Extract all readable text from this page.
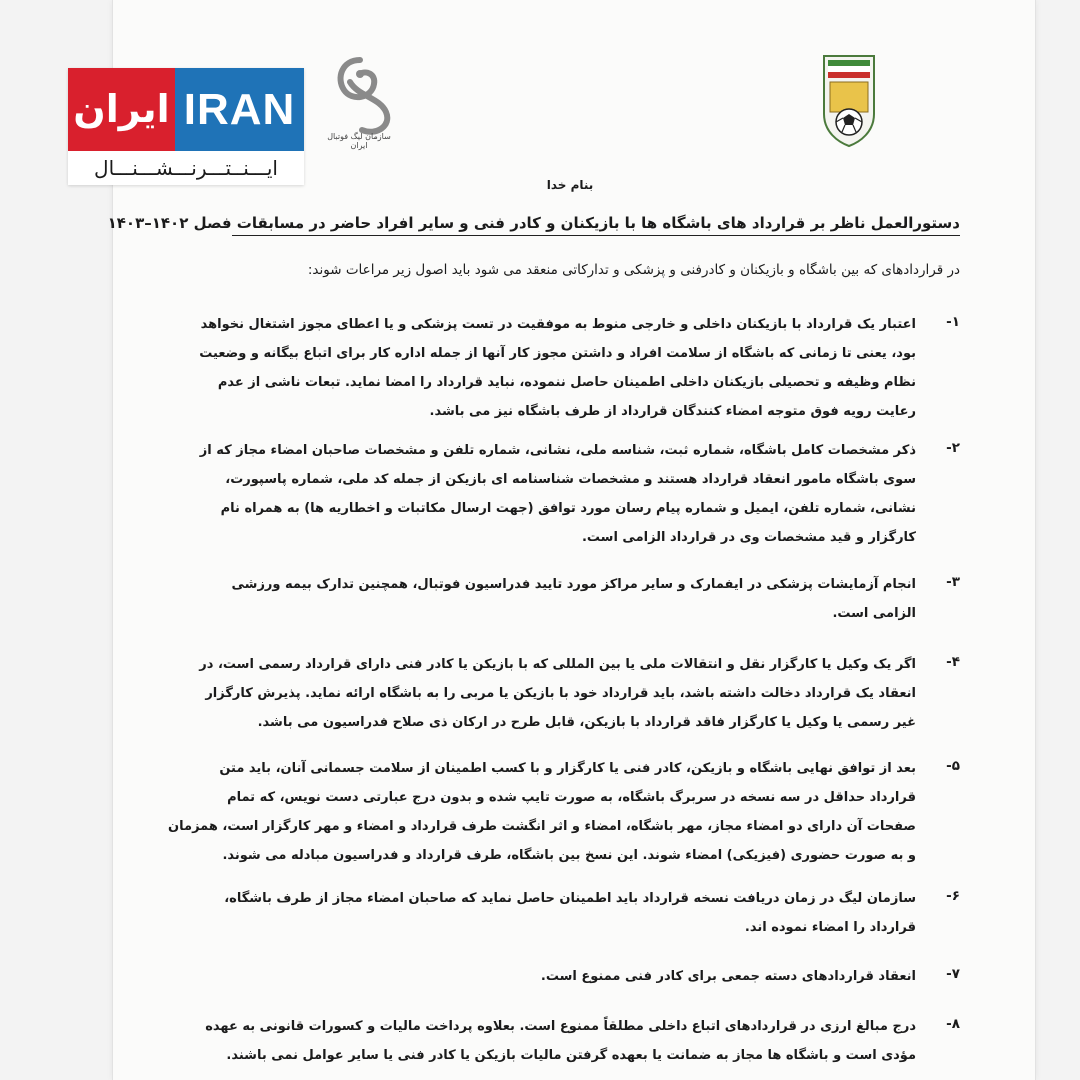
ایران IRAN
ایـــنــتـــرنـــشـــنـــال
سازمان لیگ فوتبال ایران
بنام خدا
دستورالعمل ناظر بر قرارداد های باشگاه ها با بازیکنان و کادر فنی و سایر افراد حاضر در مسابقات فصل ۱۴۰۲–۱۴۰۳
در قراردادهای که بین باشگاه و بازیکنان و کادرفنی و پزشکی و تدارکاتی منعقد می شود باید اصول زیر مراعات شوند:
۱-
اعتبار یک قرارداد با بازیکنان داخلی و خارجی منوط به موفقیت در تست پزشکی و یا اعطای مجوز اشتغال نخواهد
بود، یعنی تا زمانی که باشگاه از سلامت افراد و داشتن مجوز کار آنها از جمله اداره کار برای اتباع بیگانه و وضعیت
نظام وظیفه و تحصیلی بازیکنان داخلی اطمینان حاصل ننموده، نباید قرارداد را امضا نماید. تبعات ناشی از عدم
رعایت رویه فوق متوجه امضاء کنندگان قرارداد از طرف باشگاه نیز می باشد.
۲-
ذکر مشخصات کامل باشگاه، شماره ثبت، شناسه ملی، نشانی، شماره تلفن و مشخصات صاحبان امضاء مجاز که از
سوی باشگاه مامور انعقاد قرارداد هستند و مشخصات شناسنامه ای بازیکن از جمله کد ملی، شماره پاسپورت،
نشانی، شماره تلفن، ایمیل و شماره پیام رسان مورد توافق (جهت ارسال مکاتبات و اخطاریه ها) به همراه نام
کارگزار و قید مشخصات وی در قرارداد الزامی است.
۳-
انجام آزمایشات پزشکی در ایفمارک و سایر مراکز مورد تایید فدراسیون فوتبال، همچنین تدارک بیمه ورزشی
الزامی است.
۴-
اگر یک وکیل یا کارگزار نقل و انتقالات ملی یا بین المللی که با بازیکن یا کادر فنی دارای قرارداد رسمی است، در
انعقاد یک قرارداد دخالت داشته باشد، باید قرارداد خود با بازیکن یا مربی را به باشگاه ارائه نماید. پذیرش کارگزار
غیر رسمی یا وکیل یا کارگزار فاقد قرارداد با بازیکن، قابل طرح در ارکان ذی صلاح فدراسیون می باشد.
۵-
بعد از توافق نهایی باشگاه و بازیکن، کادر فنی یا کارگزار و با کسب اطمینان از سلامت جسمانی آنان، باید متن
قرارداد حداقل در سه نسخه در سربرگ باشگاه، به صورت تایپ شده و بدون درج عبارتی دست نویس، که تمام
صفحات آن دارای دو امضاء مجاز، مهر باشگاه، امضاء و اثر انگشت طرف قرارداد و امضاء و مهر کارگزار است، همزمان
و به صورت حضوری (فیزیکی) امضاء شوند. این نسخ بین باشگاه، طرف قرارداد و فدراسیون مبادله می شوند.
۶-
سازمان لیگ در زمان دریافت نسخه قرارداد باید اطمینان حاصل نماید که صاحبان امضاء مجاز از طرف باشگاه،
قرارداد را امضاء نموده اند.
۷-
انعقاد قراردادهای دسته جمعی برای کادر فنی ممنوع است.
۸-
درج مبالغ ارزی در قراردادهای اتباع داخلی مطلقاً ممنوع است. بعلاوه پرداخت مالیات و کسورات قانونی به عهده
مؤدی است و باشگاه ها مجاز به ضمانت یا بعهده گرفتن مالیات بازیکن یا کادر فنی یا سایر عوامل نمی باشند.
